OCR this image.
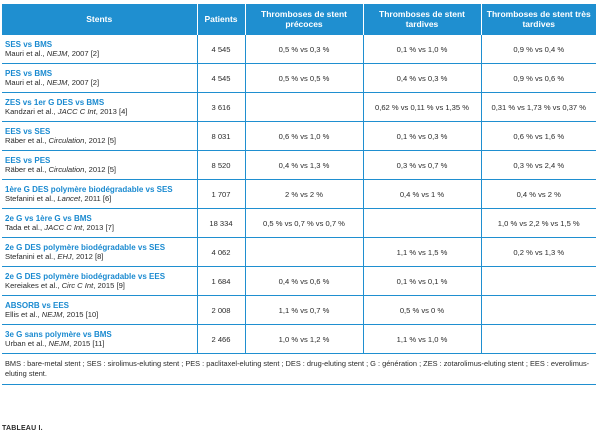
Stents	Patients	Thromboses de stent précoces	Thromboses de stent tardives	Thromboses de stent très tardives

SES vs BMS
Mauri et al., NEJM, 2007 [2]	4 545	0,5 % vs 0,3 %	0,1 % vs 1,0 %	0,9 % vs 0,4 %

PES vs BMS
Mauri et al., NEJM, 2007 [2]	4 545	0,5 % vs 0,5 %	0,4 % vs 0,3 %	0,9 % vs 0,6 %

ZES vs 1er G DES vs BMS
Kandzari et al., JACC C Int, 2013 [4]	3 616		0,62 % vs 0,11 % vs 1,35 %	0,31 % vs 1,73 % vs 0,37 %

EES vs SES
Räber et al., Circulation, 2012 [5]	8 031	0,6 % vs 1,0 %	0,1 % vs 0,3 %	0,6 % vs 1,6 %

EES vs PES
Räber et al., Circulation, 2012 [5]	8 520	0,4 % vs 1,3 %	0,3 % vs 0,7 %	0,3 % vs 2,4 %

1ère G DES polymère biodégradable vs SES
Stefanini et al., Lancet, 2011 [6]	1 707	2 % vs 2 %	0,4 % vs 1 %	0,4 % vs 2 %

2e G vs 1ère G vs BMS
Tada et al., JACC C Int, 2013 [7]	18 334	0,5 % vs 0,7 % vs 0,7 %		1,0 % vs 2,2 % vs 1,5 %

2e G DES polymère biodégradable vs SES
Stefanini et al., EHJ, 2012 [8]	4 062		1,1 % vs 1,5 %	0,2 % vs 1,3 %

2e G DES polymère biodégradable vs EES
Kereiakes et al., Circ C Int, 2015 [9]	1 684	0,4 % vs 0,6 %	0,1 % vs 0,1 %	

ABSORB vs EES
Ellis et al., NEJM, 2015 [10]	2 008	1,1 % vs 0,7 %	0,5 % vs 0 %	

3e G sans polymère vs BMS
Urban et al., NEJM, 2015 [11]	2 466	1,0 % vs 1,2 %	1,1 % vs 1,0 %	
BMS : bare-metal stent ; SES : sirolimus-eluting stent ; PES : paclitaxel-eluting stent ; DES : drug-eluting stent ; G : génération ; ZES : zotarolimus-eluting stent ; EES : everolimus-eluting stent.				
TABLEAU I.
